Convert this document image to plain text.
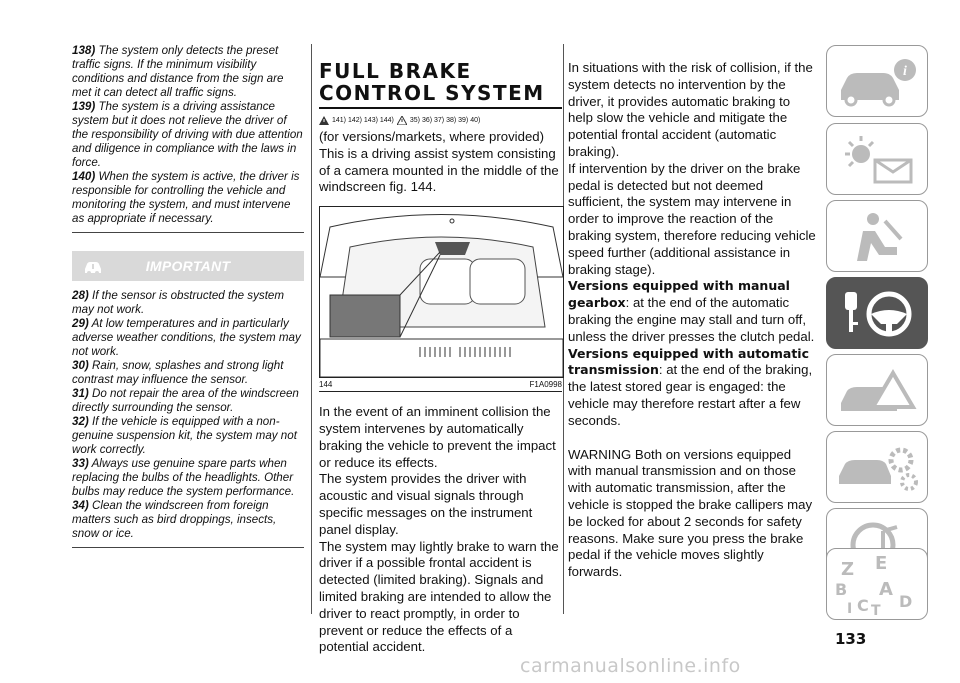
138) The system only detects the preset traffic signs. If the minimum visibility conditions and distance from the sign are met it can detect all traffic signs.

139) The system is a driving assistance system but it does not relieve the driver of the responsibility of driving with due attention and diligence in compliance with the laws in force.

140) When the system is active, the driver is responsible for controlling the vehicle and monitoring the system, and must intervene as appropriate if necessary.

IMPORTANT

28) If the sensor is obstructed the system may not work.

29) At low temperatures and in particularly adverse weather conditions, the system may not work.

30) Rain, snow, splashes and strong light contrast may influence the sensor.

31) Do not repair the area of the windscreen directly surrounding the sensor.

32) If the vehicle is equipped with a non-genuine suspension kit, the system may not work correctly.

33) Always use genuine spare parts when replacing the bulbs of the headlights. Other bulbs may reduce the system performance.

34) Clean the windscreen from foreign matters such as bird droppings, insects, snow or ice.

FULL BRAKE
CONTROL SYSTEM
141) 142) 143) 144) 35) 36) 37) 38) 39) 40)

(for versions/markets, where provided) This is a driving assist system consisting of a camera mounted in the middle of the windscreen fig. 144.

144	F1A0998

In the event of an imminent collision the system intervenes by automatically braking the vehicle to prevent the impact or reduce its effects.

The system provides the driver with acoustic and visual signals through specific messages on the instrument panel display.

The system may lightly brake to warn the driver if a possible frontal accident is detected (limited braking). Signals and limited braking are intended to allow the driver to react promptly, in order to prevent or reduce the effects of a potential accident.

In situations with the risk of collision, if the system detects no intervention by the driver, it provides automatic braking to help slow the vehicle and mitigate the potential frontal accident (automatic braking).

If intervention by the driver on the brake pedal is detected but not deemed sufficient, the system may intervene in order to improve the reaction of the braking system, therefore reducing vehicle speed further (additional assistance in braking stage).

Versions equipped with manual gearbox: at the end of the automatic braking the engine may stall and turn off, unless the driver presses the clutch pedal.

Versions equipped with automatic transmission: at the end of the braking, the latest stored gear is engaged: the vehicle may therefore restart after a few seconds.

WARNING Both on versions equipped with manual transmission and on those with automatic transmission, after the vehicle is stopped the brake callipers may be locked for about 2 seconds for safety reasons. Make sure you press the brake pedal if the vehicle moves slightly forwards.

i
Z E
B A
I C T D
133
carmanualsonline.info
